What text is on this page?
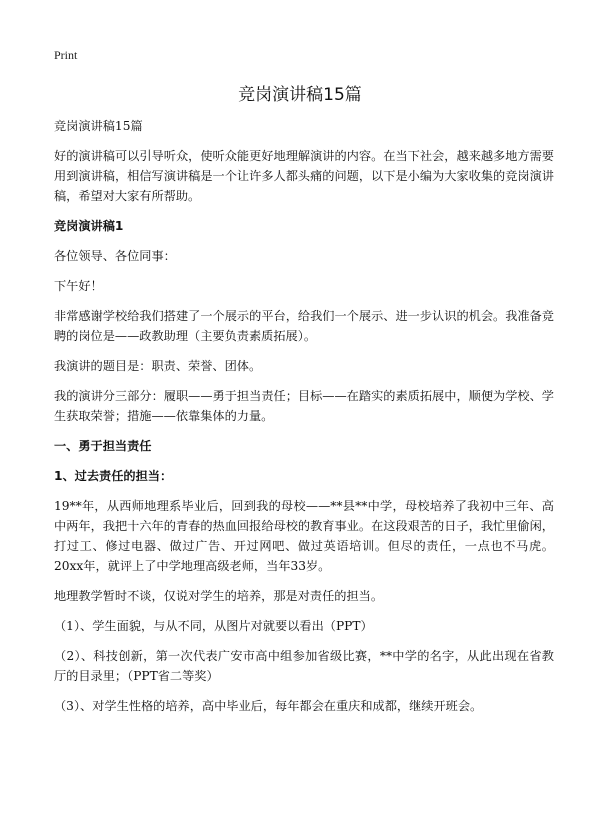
Print
竞岗演讲稿15篇

竞岗演讲稿15篇

好的演讲稿可以引导听众，使听众能更好地理解演讲的内容。在当下社会，越来越多地方需要用到演讲稿，相信写演讲稿是一个让许多人都头痛的问题，以下是小编为大家收集的竞岗演讲稿，希望对大家有所帮助。

竞岗演讲稿1

各位领导、各位同事：

下午好！

非常感谢学校给我们搭建了一个展示的平台，给我们一个展示、进一步认识的机会。我准备竞聘的岗位是——政教助理（主要负责素质拓展）。

我演讲的题目是：职责、荣誉、团体。

我的演讲分三部分：履职——勇于担当责任；目标——在踏实的素质拓展中，顺便为学校、学生获取荣誉；措施——依靠集体的力量。

一、勇于担当责任

1、过去责任的担当：

19**年，从西师地理系毕业后，回到我的母校——**县**中学，母校培养了我初中三年、高中两年，我把十六年的青春的热血回报给母校的教育事业。在这段艰苦的日子，我忙里偷闲，打过工、修过电器、做过广告、开过网吧、做过英语培训。但尽的责任，一点也不马虎。20xx年，就评上了中学地理高级老师，当年33岁。

地理教学暂时不谈，仅说对学生的培养，那是对责任的担当。

（1）、学生面貌，与从不同，从图片对就要以看出（PPT）

（2）、科技创新，第一次代表广安市高中组参加省级比赛，**中学的名字，从此出现在省教厅的目录里；（PPT省二等奖）

（3）、对学生性格的培养，高中毕业后，每年都会在重庆和成都，继续开班会。
